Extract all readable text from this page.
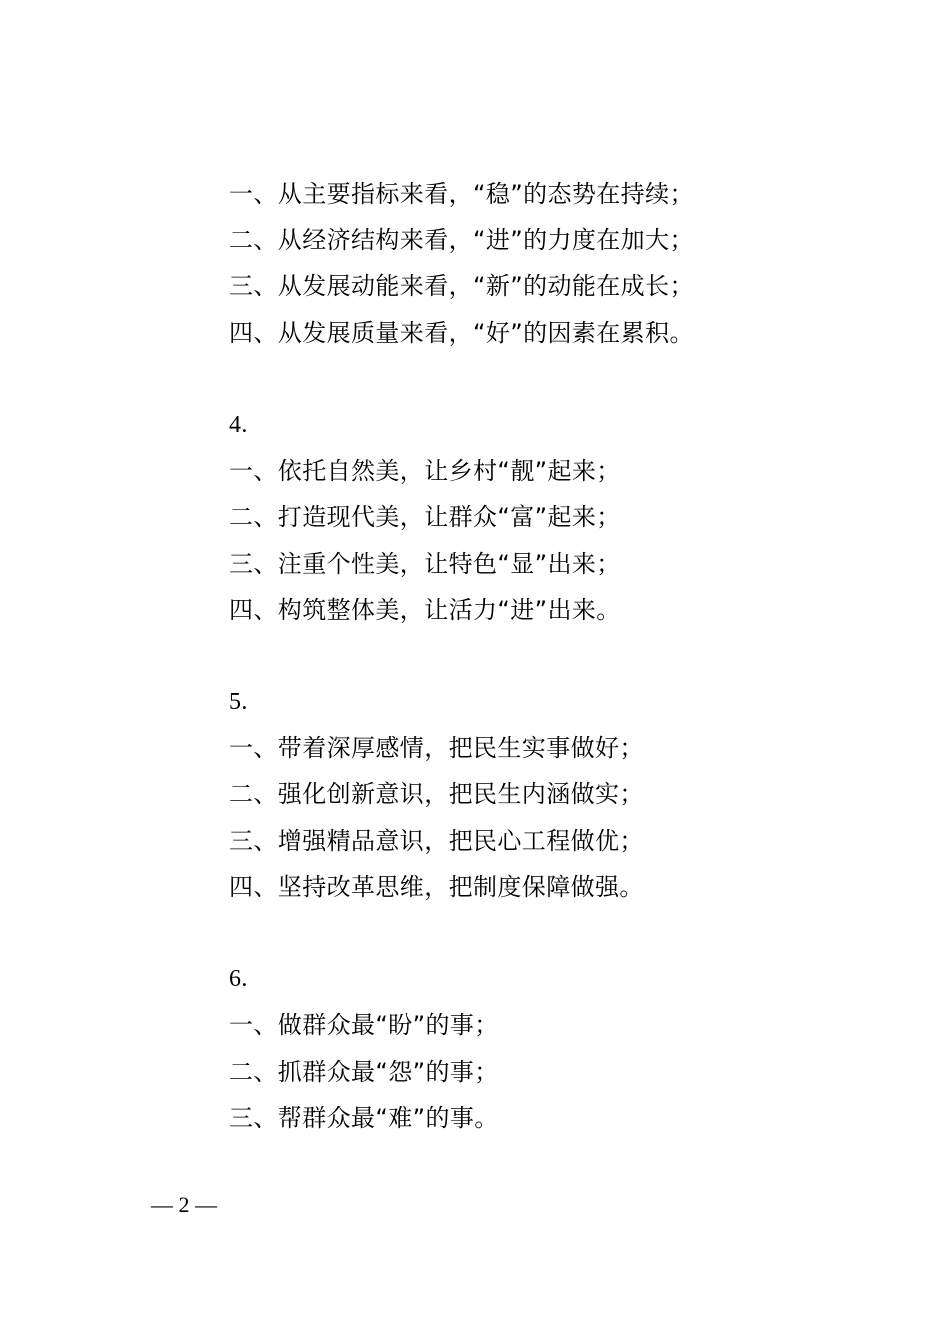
一、从主要指标来看，“稳”的态势在持续；
二、从经济结构来看，“进”的力度在加大；
三、从发展动能来看，“新”的动能在成长；
四、从发展质量来看，“好”的因素在累积。
4.
一、依托自然美，让乡村“靓”起来；
二、打造现代美，让群众“富”起来；
三、注重个性美，让特色“显”出来；
四、构筑整体美，让活力“进”出来。
5.
一、带着深厚感情，把民生实事做好；
二、强化创新意识，把民生内涵做实；
三、增强精品意识，把民心工程做优；
四、坚持改革思维，把制度保障做强。
6.
一、做群众最“盼”的事；
二、抓群众最“怨”的事；
三、帮群众最“难”的事。
— 2 —
